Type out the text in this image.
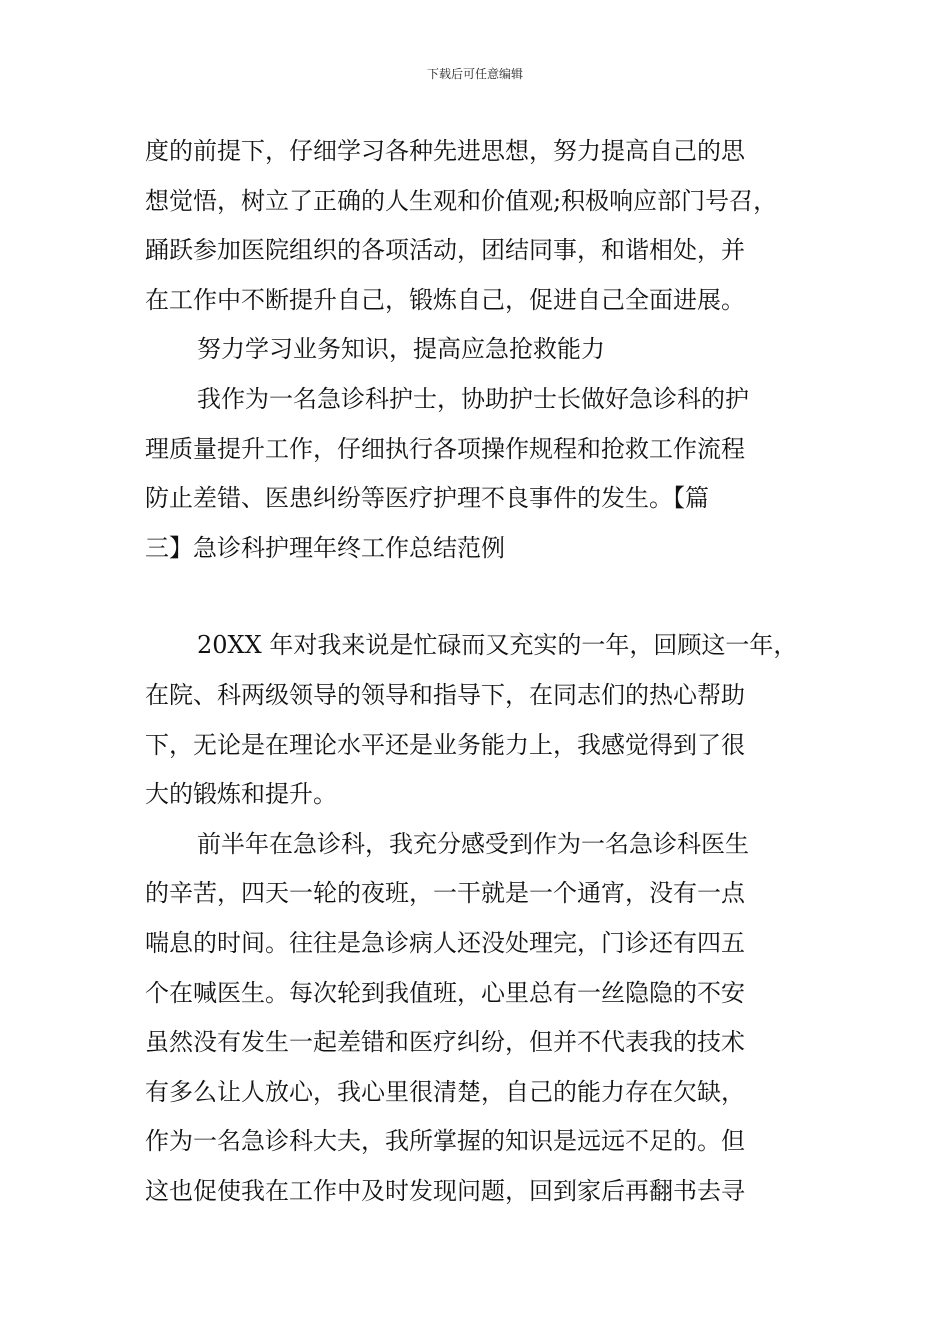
下载后可任意编辑
度的前提下，仔细学习各种先进思想，努力提高自己的思
想觉悟，树立了正确的人生观和价值观;积极响应部门号召，
踊跃参加医院组织的各项活动，团结同事，和谐相处，并
在工作中不断提升自己，锻炼自己，促进自己全面进展。
努力学习业务知识，提高应急抢救能力
我作为一名急诊科护士，协助护士长做好急诊科的护
理质量提升工作，仔细执行各项操作规程和抢救工作流程
防止差错、医患纠纷等医疗护理不良事件的发生。【篇
三】急诊科护理年终工作总结范例
20XX 年对我来说是忙碌而又充实的一年，回顾这一年，
在院、科两级领导的领导和指导下，在同志们的热心帮助
下，无论是在理论水平还是业务能力上，我感觉得到了很
大的锻炼和提升。
前半年在急诊科，我充分感受到作为一名急诊科医生
的辛苦，四天一轮的夜班，一干就是一个通宵，没有一点
喘息的时间。往往是急诊病人还没处理完，门诊还有四五
个在喊医生。每次轮到我值班，心里总有一丝隐隐的不安
虽然没有发生一起差错和医疗纠纷，但并不代表我的技术
有多么让人放心，我心里很清楚，自己的能力存在欠缺，
作为一名急诊科大夫，我所掌握的知识是远远不足的。但
这也促使我在工作中及时发现问题，回到家后再翻书去寻
